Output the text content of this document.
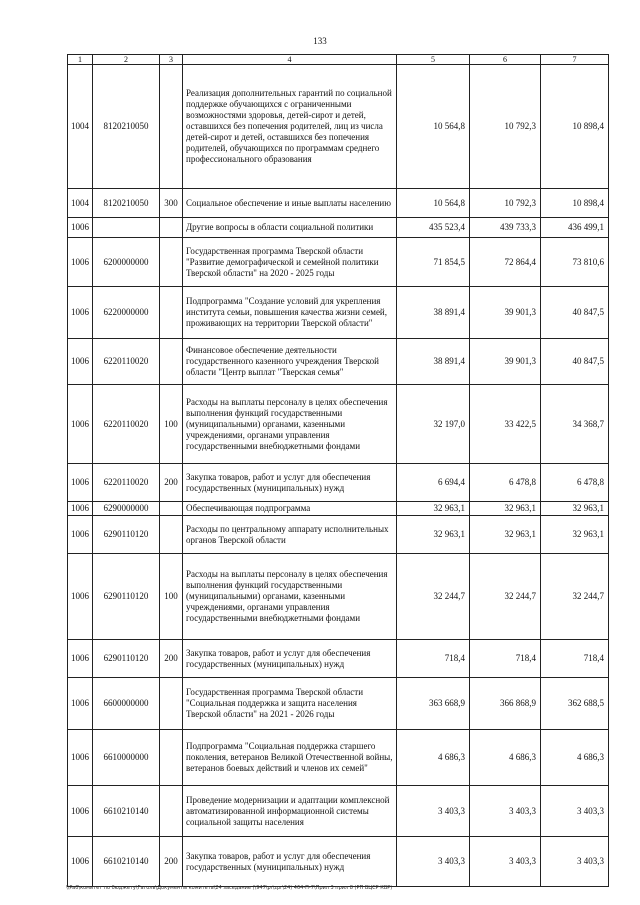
133
1	2	3	4	5	6	7
1004	8120210050		Реализация дополнительных гарантий по социальной поддержке обучающихся с ограниченными возможностями здоровья, детей-сирот и детей, оставшихся без попечения родителей, лиц из числа детей-сирот и детей, оставшихся без попечения родителей, обучающихся по программам среднего профессионального образования	10 564,8	10 792,3	10 898,4
1004	8120210050	300	Социальное обеспечение и иные выплаты населению	10 564,8	10 792,3	10 898,4
1006			Другие вопросы в области социальной политики	435 523,4	439 733,3	436 499,1
1006	6200000000		Государственная программа Тверской области "Развитие демографической и семейной политики Тверской области" на 2020 - 2025 годы	71 854,5	72 864,4	73 810,6
1006	6220000000		Подпрограмма "Создание условий для укрепления института семьи, повышения качества жизни семей, проживающих на территории Тверской области"	38 891,4	39 901,3	40 847,5
1006	6220110020		Финансовое обеспечение деятельности государственного казенного учреждения Тверской области "Центр выплат "Тверская семья"	38 891,4	39 901,3	40 847,5
1006	6220110020	100	Расходы на выплаты персоналу в целях обеспечения выполнения функций государственными (муниципальными) органами, казенными учреждениями, органами управления государственными внебюджетными фондами	32 197,0	33 422,5	34 368,7
1006	6220110020	200	Закупка товаров, работ и услуг для обеспечения государственных (муниципальных) нужд	6 694,4	6 478,8	6 478,8
1006	6290000000		Обеспечивающая подпрограмма	32 963,1	32 963,1	32 963,1
1006	6290110120		Расходы по центральному аппарату исполнительных органов Тверской области	32 963,1	32 963,1	32 963,1
1006	6290110120	100	Расходы на выплаты персоналу в целях обеспечения выполнения функций государственными (муниципальными) органами, казенными учреждениями, органами управления государственными внебюджетными фондами	32 244,7	32 244,7	32 244,7
1006	6290110120	200	Закупка товаров, работ и услуг для обеспечения государственных (муниципальных) нужд	718,4	718,4	718,4
1006	6600000000		Государственная программа Тверской области "Социальная поддержка и защита населения Тверской области" на 2021 - 2026 годы	363 668,9	366 868,9	362 688,5
1006	6610000000		Подпрограмма "Социальная поддержка старшего поколения, ветеранов Великой Отечественной войны, ветеранов боевых действий и членов их семей"	4 686,3	4 686,3	4 686,3
1006	6610210140		Проведение модернизации и адаптации комплексной автоматизированной информационной системы социальной защиты населения	3 403,3	3 403,3	3 403,3
1006	6610210140	200	Закупка товаров, работ и услуг для обеспечения государственных (муниципальных) нужд	3 403,3	3 403,3	3 403,3
\\Pa0\комитет по бюджету\Гаголь\Документы комитета\24 заседание (\947\pr\zpr\24) 464-П-7\Прил 3 прил 8 (РП ВЦСР КВР)
